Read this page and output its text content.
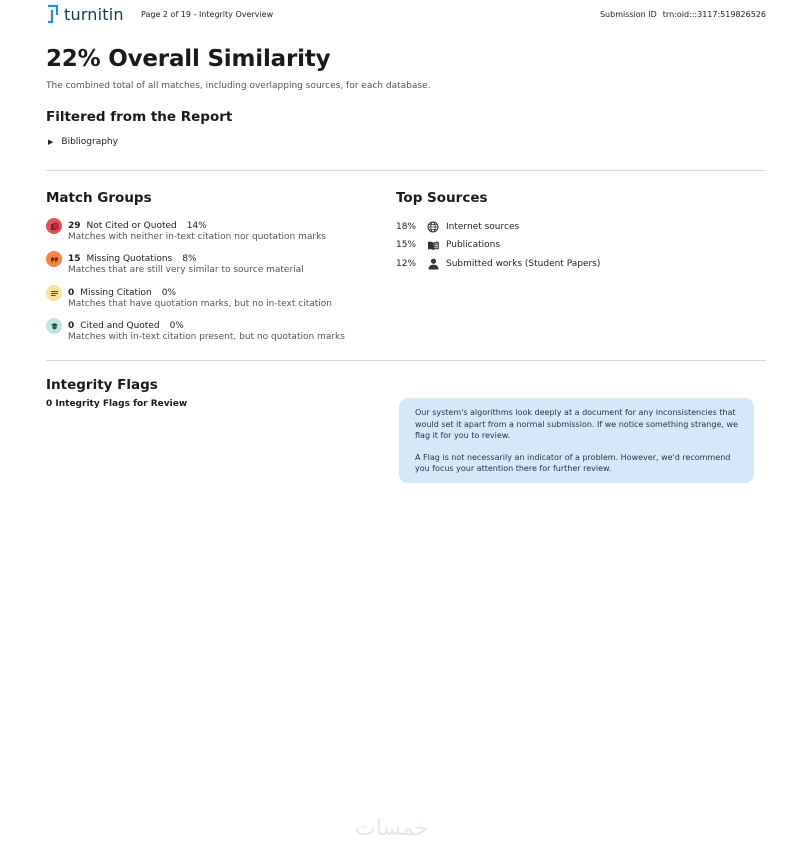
turnitin Page 2 of 19 - Integrity Overview	Submission ID trn:oid:::3117:519826526
22% Overall Similarity
The combined total of all matches, including overlapping sources, for each database.
Filtered from the Report
▶ Bibliography
Match Groups
29 Not Cited or Quoted 14%
Matches with neither in-text citation nor quotation marks
15 Missing Quotations 8%
Matches that are still very similar to source material
0 Missing Citation 0%
Matches that have quotation marks, but no in-text citation
0 Cited and Quoted 0%
Matches with in-text citation present, but no quotation marks
Top Sources
18%	Internet sources
15%	Publications
12%	Submitted works (Student Papers)
Integrity Flags
0 Integrity Flags for Review

Our system's algorithms look deeply at a document for any inconsistencies that would set it apart from a normal submission. If we notice something strange, we flag it for you to review.

A Flag is not necessarily an indicator of a problem. However, we'd recommend you focus your attention there for further review.

خمسات
